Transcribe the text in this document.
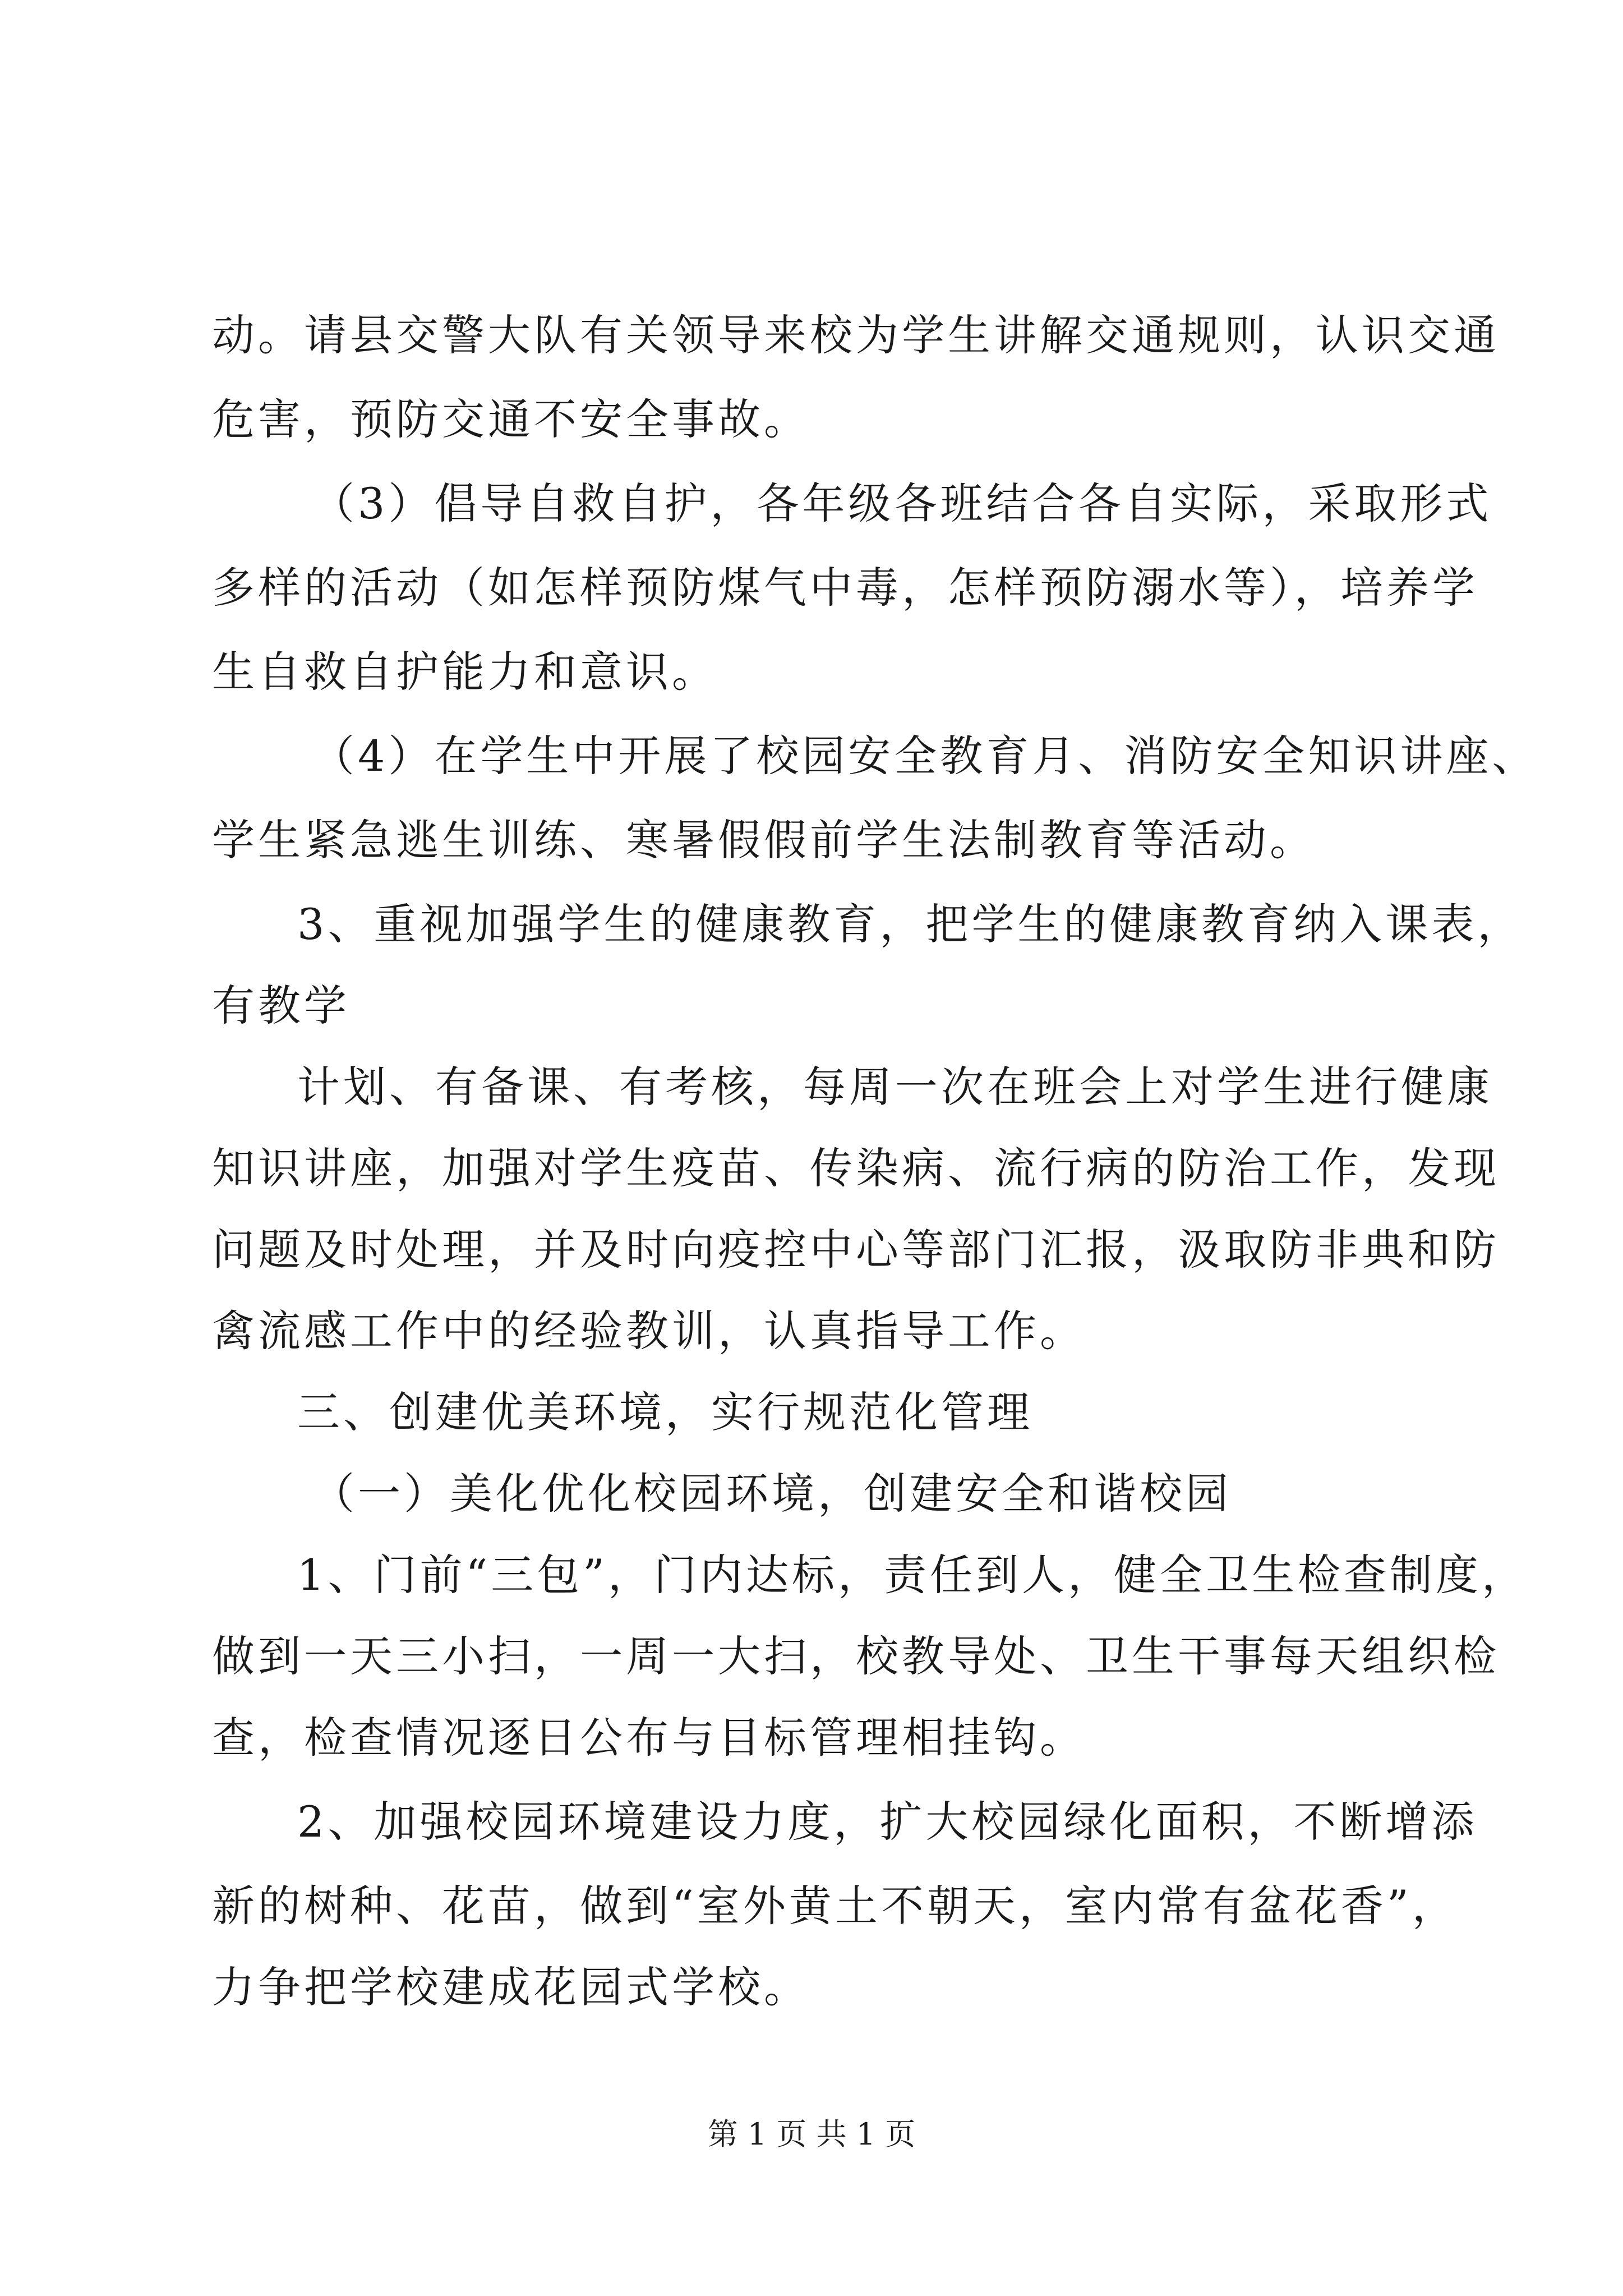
动。请县交警大队有关领导来校为学生讲解交通规则，认识交通
危害，预防交通不安全事故。
（3）倡导自救自护，各年级各班结合各自实际，采取形式
多样的活动（如怎样预防煤气中毒，怎样预防溺水等），培养学
生自救自护能力和意识。
（4）在学生中开展了校园安全教育月、消防安全知识讲座、
学生紧急逃生训练、寒暑假假前学生法制教育等活动。
3、重视加强学生的健康教育，把学生的健康教育纳入课表，
有教学
计划、有备课、有考核，每周一次在班会上对学生进行健康
知识讲座，加强对学生疫苗、传染病、流行病的防治工作，发现
问题及时处理，并及时向疫控中心等部门汇报，汲取防非典和防
禽流感工作中的经验教训，认真指导工作。
三、创建优美环境，实行规范化管理
（一）美化优化校园环境，创建安全和谐校园
1、门前“三包”，门内达标，责任到人，健全卫生检查制度，
做到一天三小扫，一周一大扫，校教导处、卫生干事每天组织检
查，检查情况逐日公布与目标管理相挂钩。
2、加强校园环境建设力度，扩大校园绿化面积，不断增添
新的树种、花苗，做到“室外黄土不朝天，室内常有盆花香”，
力争把学校建成花园式学校。
第 1 页 共 1 页
